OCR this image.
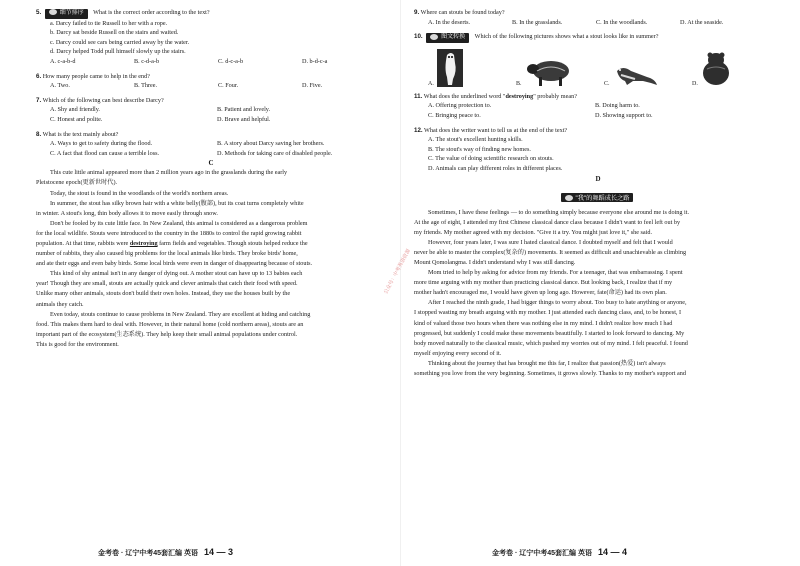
5.	细节排序 What is the correct order according to the text?
a. Darcy failed to tie Russell to her with a rope.
b. Darcy sat beside Russell on the stairs and waited.
c. Darcy could see cars being carried away by the water.
d. Darcy helped Todd pull himself slowly up the stairs.
A. c-a-b-d	B. c-d-a-b	C. d-c-a-b	D. b-d-c-a
6. How many people came to help in the end?
A. Two.	B. Three.	C. Four.	D. Five.
7. Which of the following can best describe Darcy?
A. Shy and friendly.	B. Patient and lovely.
C. Honest and polite.	D. Brave and helpful.
8. What is the text mainly about?
A. Ways to get to safety during the flood.	B. A story about Darcy saving her brothers.
C. A fact that flood can cause a terrible loss.	D. Methods for taking care of disabled people.
C

This cute little animal appeared more than 2 million years ago in the grasslands during the early
Pleistocene epoch(更新世时代).

Today, the stout is found in the woodlands of the world's northern areas.

In summer, the stout has silky brown hair with a white belly(腹部), but its coat turns completely white
in winter. A stout's long, thin body allows it to move easily through snow.

Don't be fooled by its cute little face. In New Zealand, this animal is considered as a dangerous problem
for the local wildlife. Stouts were introduced to the country in the 1880s to control the rapid growing rabbit
population. At that time, rabbits were destroying farm fields and vegetables. Though stouts helped reduce the
number of rabbits, they also caused big problems for the local animals like birds. They broke birds' home,
and ate their eggs and even baby birds. Some local birds were even in danger of disappearing because of stouts.

This kind of shy animal isn't in any danger of dying out. A mother stout can have up to 13 babies each
year! Though they are small, stouts are actually quick and clever animals that catch their food with speed.
Unlike many other animals, stouts don't build their own holes. Instead, they use the houses built by the
animals they catch.

Even today, stouts continue to cause problems in New Zealand. They are excellent at hiding and catching
food. This makes them hard to deal with. However, in their natural home (cold northern areas), stouts are an
important part of the ecosystem(生态系统). They help keep their small animal populations under control.
This is good for the environment.

金考卷 · 辽宁中考45套汇编 英语 14 — 3
公众号：中考英语资源
9. Where can stouts be found today?
A. In the deserts.	B. In the grasslands.	C. In the woodlands.	D. At the seaside.
10.	图文转换 Which of the following pictures shows what a stout looks like in summer?
A.	B.	C.	D.
11. What does the underlined word "destroying" probably mean?
A. Offering protection to.	B. Doing harm to.
C. Bringing peace to.	D. Showing support to.
12. What does the writer want to tell us at the end of the text?
A. The stout's excellent hunting skills.
B. The stout's way of finding new homes.
C. The value of doing scientific research on stouts.
D. Animals can play different roles in different places.
D
"我"的舞蹈成长之路

Sometimes, I have these feelings — to do something simply because everyone else around me is doing it.
At the age of eight, I attended my first Chinese classical dance class because I didn't want to feel left out by
my friends. My mother agreed with my decision. "Give it a try. You might just love it," she said.

However, four years later, I was sure I hated classical dance. I doubted myself and felt that I would
never be able to master the complex(复杂的) movements. It seemed as difficult and unachievable as climbing
Mount Qomolangma. I didn't understand why I was still dancing.

Mom tried to help by asking for advice from my friends. For a teenager, that was embarrassing. I spent
more time arguing with my mother than practicing classical dance. But looking back, I realize that if my
mother hadn't encouraged me, I would have given up long ago. However, fate(命运) had its own plan.

After I reached the ninth grade, I had bigger things to worry about. Too busy to hate anything or anyone,
I stopped wasting my breath arguing with my mother. I just attended each dancing class, and, to be honest, I
kind of valued those two hours when there was nothing else in my mind. I didn't realize how much I had
progressed, but suddenly I could make these movements beautifully. I started to look forward to dancing. My
body moved naturally to the classical music, which pushed my worries out of my mind. I felt peaceful. I found
myself enjoying every second of it.

Thinking about the journey that has brought me this far, I realize that passion(热爱) isn't always
something you love from the very beginning. Sometimes, it grows slowly. Thanks to my mother's support and

金考卷 · 辽宁中考45套汇编 英语 14 — 4
